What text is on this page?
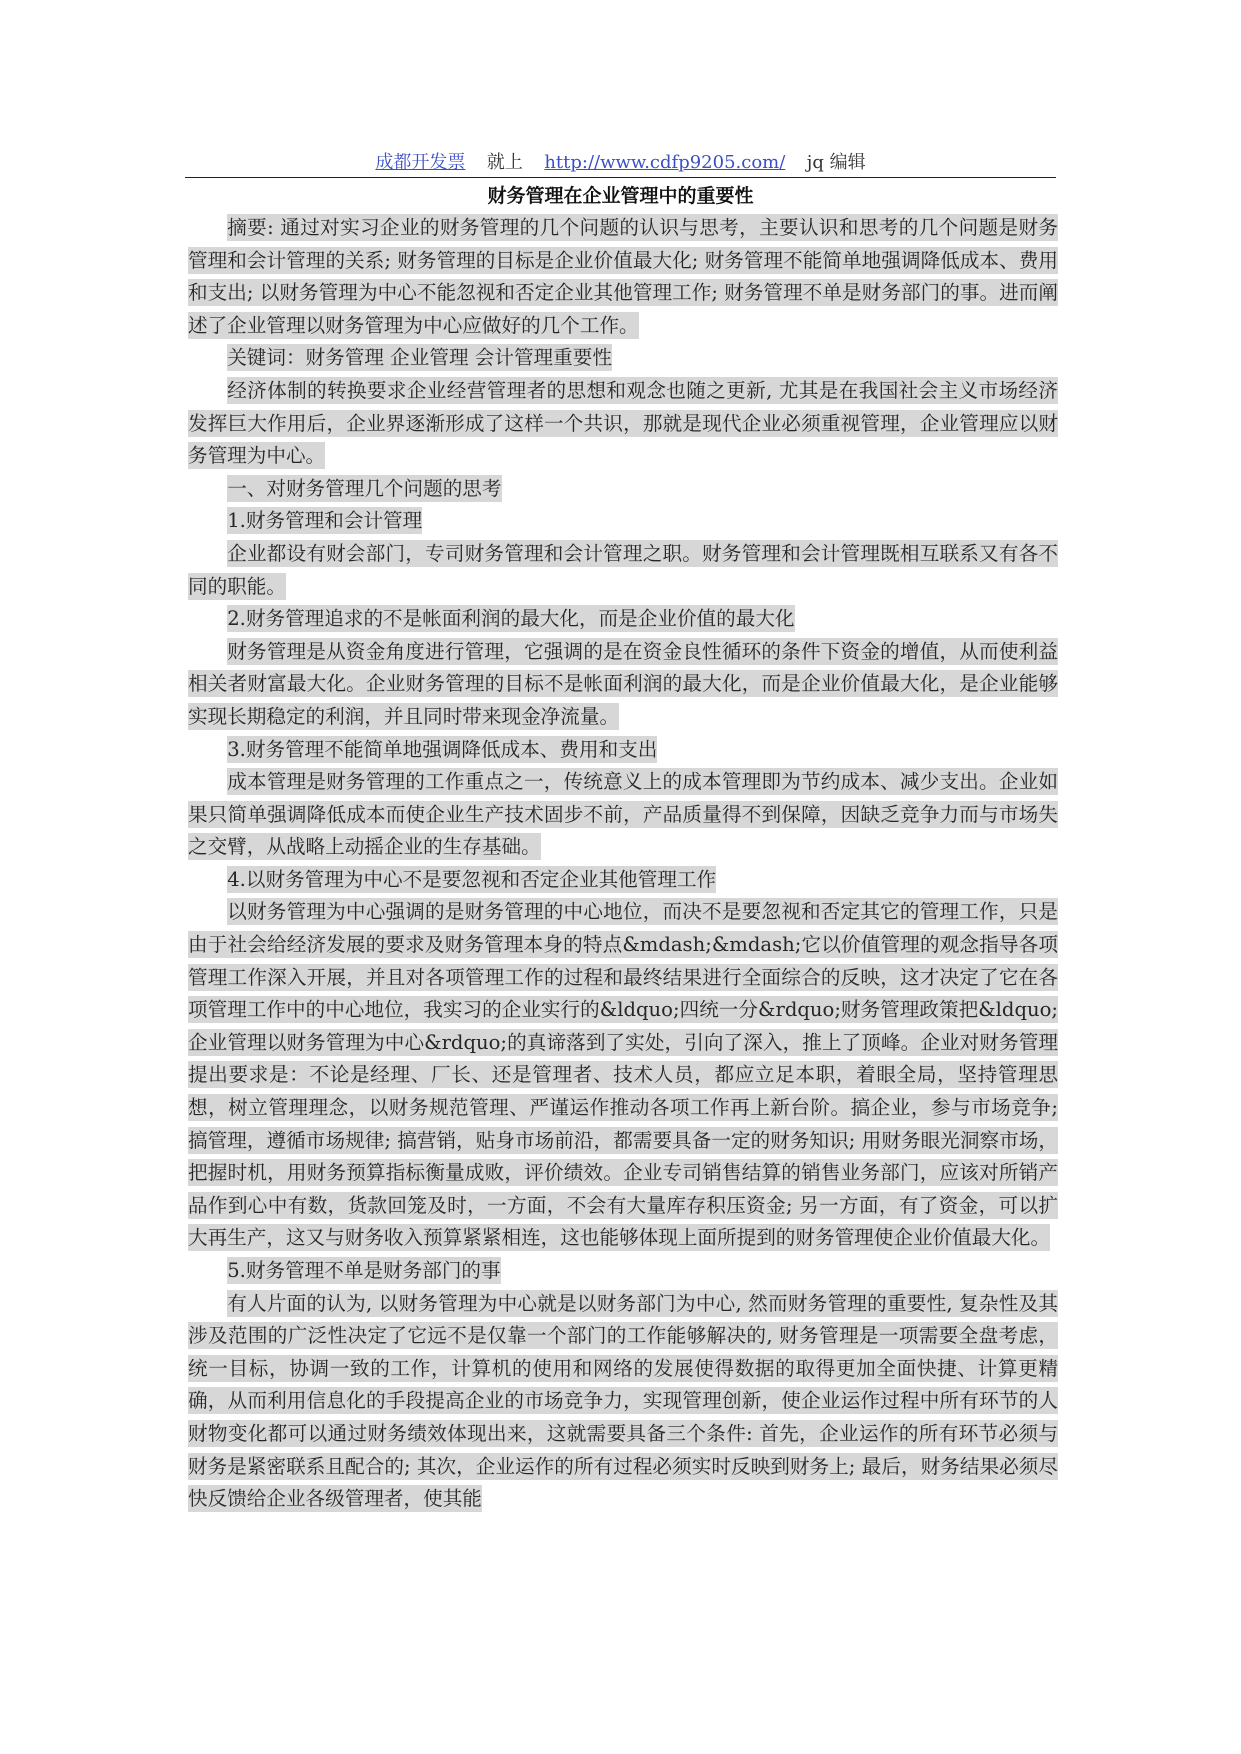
成都开发票 就上 http://www.cdfp9205.com/ jq 编辑
财务管理在企业管理中的重要性

摘要: 通过对实习企业的财务管理的几个问题的认识与思考，主要认识和思考的几个问题是财务管理和会计管理的关系; 财务管理的目标是企业价值最大化; 财务管理不能简单地强调降低成本、费用和支出; 以财务管理为中心不能忽视和否定企业其他管理工作; 财务管理不单是财务部门的事。进而阐述了企业管理以财务管理为中心应做好的几个工作。

关键词：财务管理 企业管理 会计管理重要性

经济体制的转换要求企业经营管理者的思想和观念也随之更新, 尤其是在我国社会主义市场经济发挥巨大作用后，企业界逐渐形成了这样一个共识，那就是现代企业必须重视管理，企业管理应以财务管理为中心。

一、对财务管理几个问题的思考

1.财务管理和会计管理

企业都设有财会部门，专司财务管理和会计管理之职。财务管理和会计管理既相互联系又有各不同的职能。

2.财务管理追求的不是帐面利润的最大化，而是企业价值的最大化

财务管理是从资金角度进行管理，它强调的是在资金良性循环的条件下资金的增值，从而使利益相关者财富最大化。企业财务管理的目标不是帐面利润的最大化，而是企业价值最大化，是企业能够实现长期稳定的利润，并且同时带来现金净流量。

3.财务管理不能简单地强调降低成本、费用和支出

成本管理是财务管理的工作重点之一，传统意义上的成本管理即为节约成本、减少支出。企业如果只简单强调降低成本而使企业生产技术固步不前，产品质量得不到保障，因缺乏竞争力而与市场失之交臂，从战略上动摇企业的生存基础。

4.以财务管理为中心不是要忽视和否定企业其他管理工作

以财务管理为中心强调的是财务管理的中心地位，而决不是要忽视和否定其它的管理工作，只是由于社会给经济发展的要求及财务管理本身的特点&mdash;&mdash;它以价值管理的观念指导各项管理工作深入开展，并且对各项管理工作的过程和最终结果进行全面综合的反映，这才决定了它在各项管理工作中的中心地位，我实习的企业实行的&ldquo;四统一分&rdquo;财务管理政策把&ldquo;企业管理以财务管理为中心&rdquo;的真谛落到了实处，引向了深入，推上了顶峰。企业对财务管理提出要求是：不论是经理、厂长、还是管理者、技术人员，都应立足本职，着眼全局，坚持管理思想，树立管理理念，以财务规范管理、严谨运作推动各项工作再上新台阶。搞企业，参与市场竞争; 搞管理，遵循市场规律; 搞营销，贴身市场前沿，都需要具备一定的财务知识; 用财务眼光洞察市场，把握时机，用财务预算指标衡量成败，评价绩效。企业专司销售结算的销售业务部门，应该对所销产品作到心中有数，货款回笼及时，一方面，不会有大量库存积压资金; 另一方面，有了资金，可以扩大再生产，这又与财务收入预算紧紧相连，这也能够体现上面所提到的财务管理使企业价值最大化。

5.财务管理不单是财务部门的事

有人片面的认为, 以财务管理为中心就是以财务部门为中心, 然而财务管理的重要性, 复杂性及其涉及范围的广泛性决定了它远不是仅靠一个部门的工作能够解决的, 财务管理是一项需要全盘考虑，统一目标，协调一致的工作，计算机的使用和网络的发展使得数据的取得更加全面快捷、计算更精确，从而利用信息化的手段提高企业的市场竞争力，实现管理创新，使企业运作过程中所有环节的人财物变化都可以通过财务绩效体现出来，这就需要具备三个条件: 首先，企业运作的所有环节必须与财务是紧密联系且配合的; 其次，企业运作的所有过程必须实时反映到财务上; 最后，财务结果必须尽快反馈给企业各级管理者，使其能
